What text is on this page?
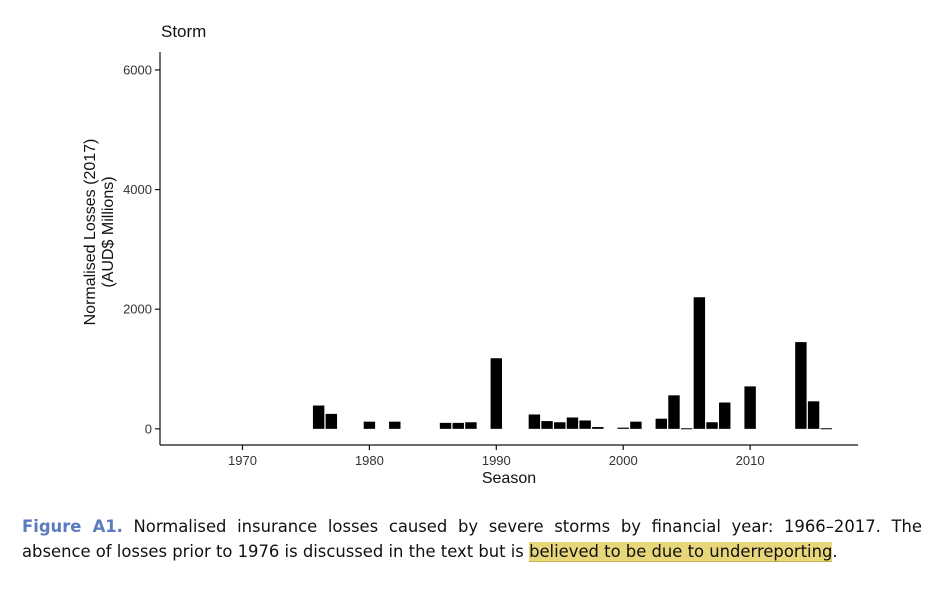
Storm
0
2000
4000
6000
1970	1980	1990	2000	2010
Season
Normalised Losses (2017) (AUD$ Millions)
Figure A1. Normalised insurance losses caused by severe storms by financial year: 1966–2017. The absence of losses prior to 1976 is discussed in the text but is believed to be due to underreporting.
